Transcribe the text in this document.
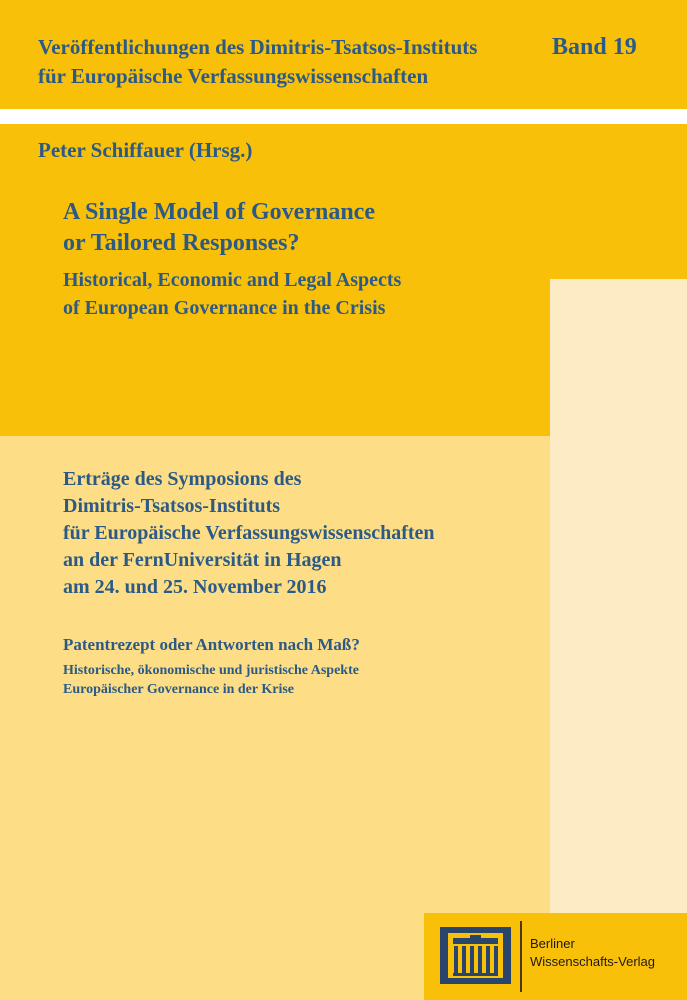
Veröffentlichungen des Dimitris-Tsatsos-Instituts
für Europäische Verfassungswissenschaften
Band 19
Peter Schiffauer (Hrsg.)
A Single Model of Governance
or Tailored Responses?
Historical, Economic and Legal Aspects
of European Governance in the Crisis
Erträge des Symposions des
Dimitris-Tsatsos-Instituts
für Europäische Verfassungswissenschaften
an der FernUniversität in Hagen
am 24. und 25. November 2016
Patentrezept oder Antworten nach Maß?
Historische, ökonomische und juristische Aspekte
Europäischer Governance in der Krise
Berliner
Wissenschafts-Verlag
